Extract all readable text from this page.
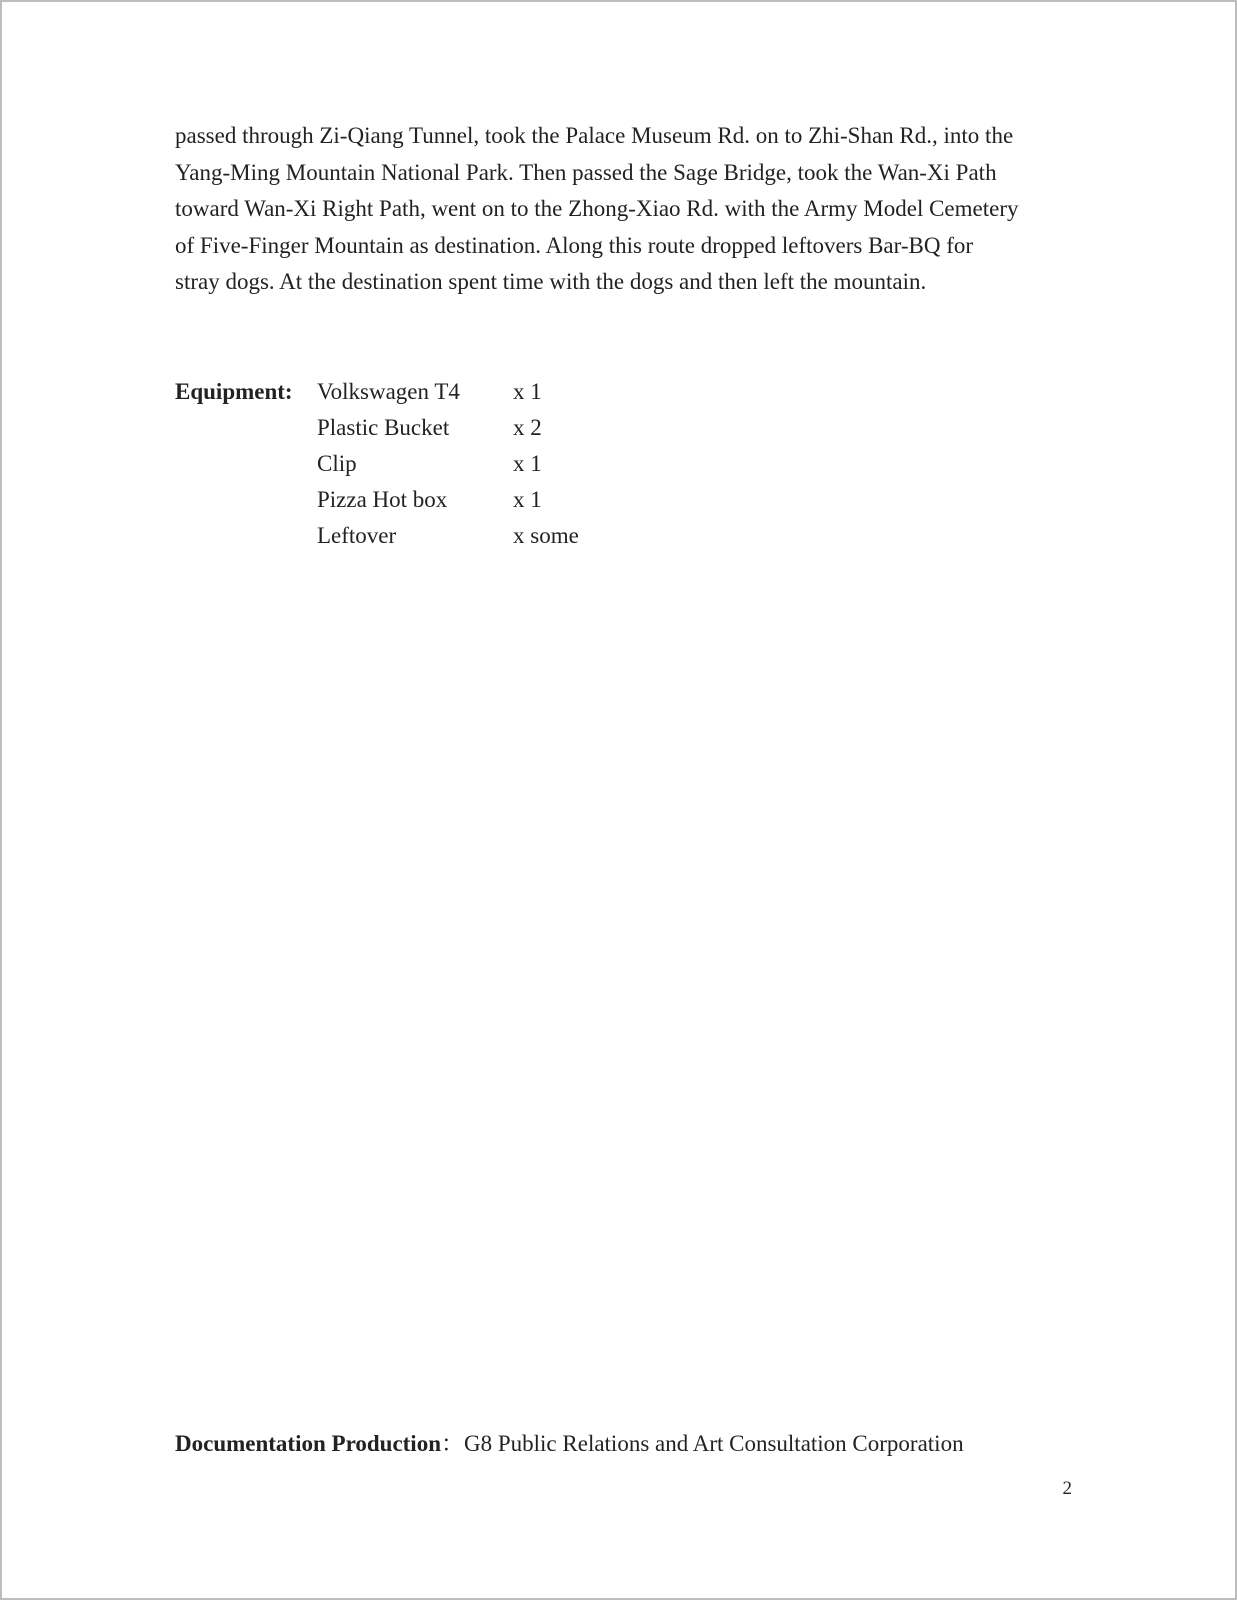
passed through Zi-Qiang Tunnel, took the Palace Museum Rd. on to Zhi-Shan Rd., into the
Yang-Ming Mountain National Park. Then passed the Sage Bridge, took the Wan-Xi Path
toward Wan-Xi Right Path, went on to the Zhong-Xiao Rd. with the Army Model Cemetery
of Five-Finger Mountain as destination. Along this route dropped leftovers Bar-BQ for
stray dogs. At the destination spent time with the dogs and then left the mountain.

Equipment: Volkswagen T4 x 1
Plastic Bucket	x 2
Clip	x 1
Pizza Hot box	x 1
Leftover	x some
Documentation Production：G8 Public Relations and Art Consultation Corporation
2
